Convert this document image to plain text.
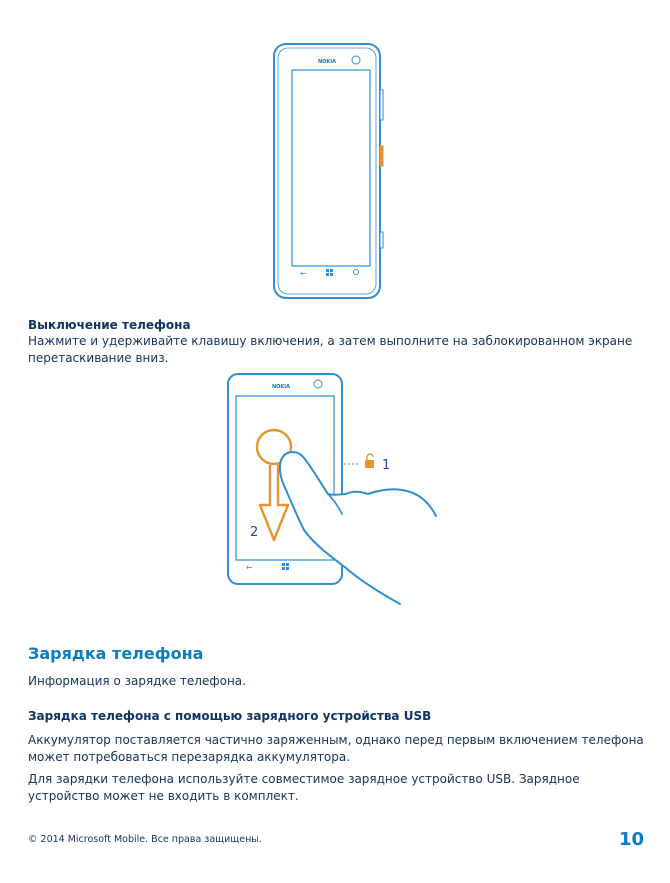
NOKIA
←
Выключение телефона
Нажмите и удерживайте клавишу включения, а затем выполните на заблокированном экране перетаскивание вниз.
NOKIA
←
1
2
Зарядка телефона
Информация о зарядке телефона.
Зарядка телефона с помощью зарядного устройства USB
Аккумулятор поставляется частично заряженным, однако перед первым включением телефона может потребоваться перезарядка аккумулятора.
Для зарядки телефона используйте совместимое зарядное устройство USB. Зарядное устройство может не входить в комплект.
© 2014 Microsoft Mobile. Все права защищены.	10
